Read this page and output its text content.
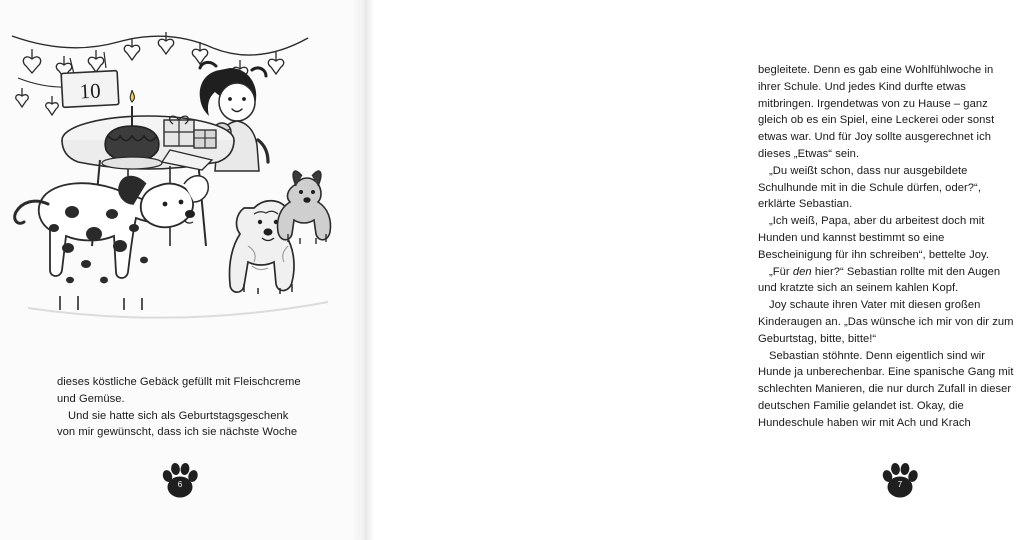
10

dieses köstliche Gebäck gefüllt mit Fleischcreme und Gemüse.

Und sie hatte sich als Geburtstagsgeschenk von mir gewünscht, dass ich sie nächste Woche

6

begleitete. Denn es gab eine Wohlfühlwoche in ihrer Schule. Und jedes Kind durfte etwas mitbringen. Irgendetwas von zu Hause – ganz gleich ob es ein Spiel, eine Leckerei oder sonst etwas war. Und für Joy sollte ausgerechnet ich dieses „Etwas“ sein.

„Du weißt schon, dass nur ausgebildete Schulhunde mit in die Schule dürfen, oder?“, erklärte Sebastian.

„Ich weiß, Papa, aber du arbeitest doch mit Hunden und kannst bestimmt so eine Bescheinigung für ihn schreiben“, bettelte Joy.

„Für den hier?“ Sebastian rollte mit den Augen und kratzte sich an seinem kahlen Kopf.

Joy schaute ihren Vater mit diesen großen Kinderaugen an. „Das wünsche ich mir von dir zum Geburtstag, bitte, bitte!“

Sebastian stöhnte. Denn eigentlich sind wir Hunde ja unberechenbar. Eine spanische Gang mit schlechten Manieren, die nur durch Zufall in dieser deutschen Familie gelandet ist. Okay, die Hundeschule haben wir mit Ach und Krach

7
